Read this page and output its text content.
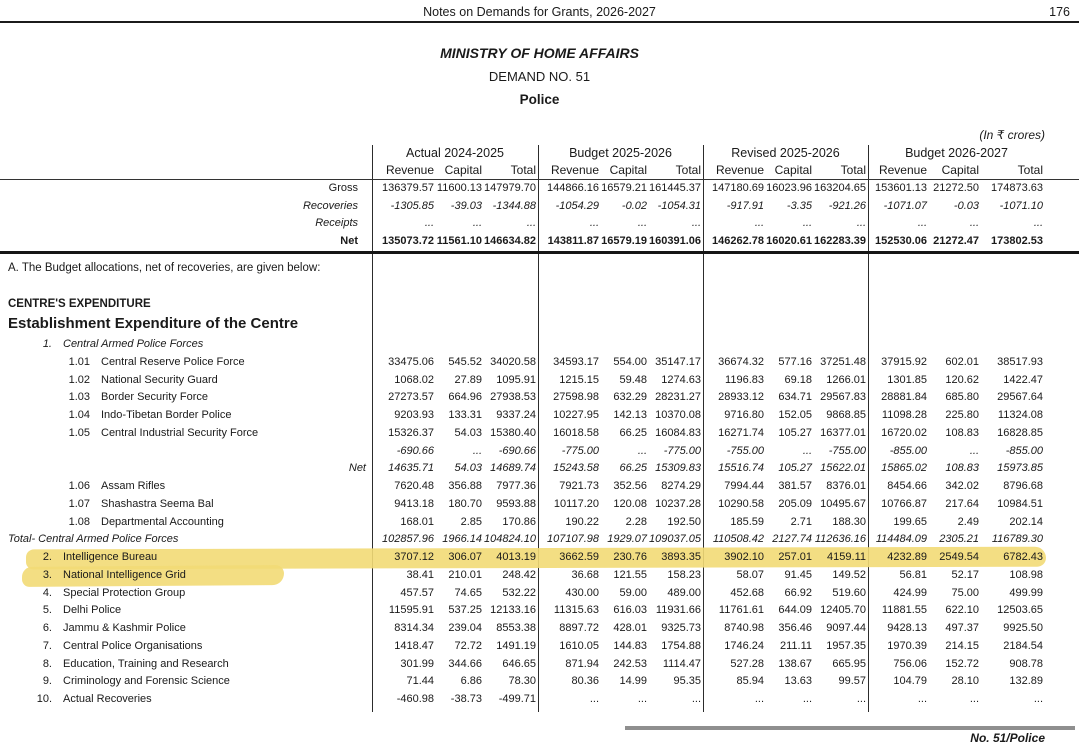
Notes on Demands for Grants, 2026-2027	176
MINISTRY OF HOME AFFAIRS
DEMAND NO. 51
Police
(In ₹ crores)
Actual 2024-2025	Budget 2025-2026	Revised 2025-2026	Budget 2026-2027
Revenue Capital	Total	Revenue Capital	Total	Revenue Capital	Total	Revenue	Capital	Total
Gross	136379.57 11600.13 147979.70	144866.16 16579.21 161445.37	147180.69 16023.96 163204.65 153601.13 21272.50	174873.63
Recoveries	-1305.85	-39.03 -1344.88	-1054.29	-0.02 -1054.31	-917.91	-3.35	-921.26	-1071.07	-0.03	-1071.10
Receipts	...	...	...	...	...	...	...	...	...	...	...	...
Net	135073.72 11561.10 146634.82	143811.87 16579.19 160391.06	146262.78 16020.61 162283.39 152530.06 21272.47	173802.53
A. The Budget allocations, net of recoveries, are given below:
CENTRE'S EXPENDITURE
Establishment Expenditure of the Centre
1. Central Armed Police Forces
1.01 Central Reserve Police Force	33475.06	545.52 34020.58	34593.17	554.00 35147.17	36674.32	577.16 37251.48	37915.92	602.01	38517.93
1.02 National Security Guard	1068.02	27.89	1095.91	1215.15	59.48	1274.63	1196.83	69.18	1266.01	1301.85	120.62	1422.47
1.03 Border Security Force	27273.57	664.96 27938.53	27598.98	632.29 28231.27	28933.12	634.71 29567.83	28881.84	685.80	29567.64
1.04 Indo-Tibetan Border Police	9203.93	133.31	9337.24	10227.95	142.13 10370.08	9716.80	152.05	9868.85	11098.28	225.80	11324.08
1.05 Central Industrial Security Force	15326.37	54.03 15380.40	16018.58	66.25 16084.83	16271.74	105.27 16377.01	16720.02	108.83	16828.85
-690.66	...	-690.66	-775.00	...	-775.00	-755.00	...	-755.00	-855.00	...	-855.00
Net	14635.71	54.03 14689.74	15243.58	66.25 15309.83	15516.74	105.27 15622.01	15865.02	108.83	15973.85
1.06 Assam Rifles	7620.48	356.88	7977.36	7921.73	352.56	8274.29	7994.44	381.57	8376.01	8454.66	342.02	8796.68
1.07 Shashastra Seema Bal	9413.18	180.70	9593.88	10117.20	120.08 10237.28	10290.58	205.09 10495.67	10766.87	217.64	10984.51
1.08 Departmental Accounting	168.01	2.85	170.86	190.22	2.28	192.50	185.59	2.71	188.30	199.65	2.49	202.14
Total- Central Armed Police Forces	102857.96 1966.14 104824.10	107107.98 1929.07 109037.05	110508.42 2127.74 112636.16 114484.09	2305.21	116789.30
2. Intelligence Bureau	3707.12	306.07	4013.19	3662.59	230.76	3893.35	3902.10	257.01	4159.11	4232.89	2549.54	6782.43
3. National Intelligence Grid	38.41	210.01	248.42	36.68	121.55	158.23	58.07	91.45	149.52	56.81	52.17	108.98
4. Special Protection Group	457.57	74.65	532.22	430.00	59.00	489.00	452.68	66.92	519.60	424.99	75.00	499.99
5. Delhi Police	11595.91	537.25 12133.16	11315.63	616.03 11931.66	11761.61	644.09 12405.70	11881.55	622.10	12503.65
6. Jammu & Kashmir Police	8314.34	239.04	8553.38	8897.72	428.01	9325.73	8740.98	356.46	9097.44	9428.13	497.37	9925.50
7. Central Police Organisations	1418.47	72.72	1491.19	1610.05	144.83	1754.88	1746.24	211.11	1957.35	1970.39	214.15	2184.54
8. Education, Training and Research	301.99	344.66	646.65	871.94	242.53	1114.47	527.28	138.67	665.95	756.06	152.72	908.78
9. Criminology and Forensic Science	71.44	6.86	78.30	80.36	14.99	95.35	85.94	13.63	99.57	104.79	28.10	132.89
10. Actual Recoveries	-460.98	-38.73	-499.71	...	...	...	...	...	...	...	...	...
No. 51/Police
